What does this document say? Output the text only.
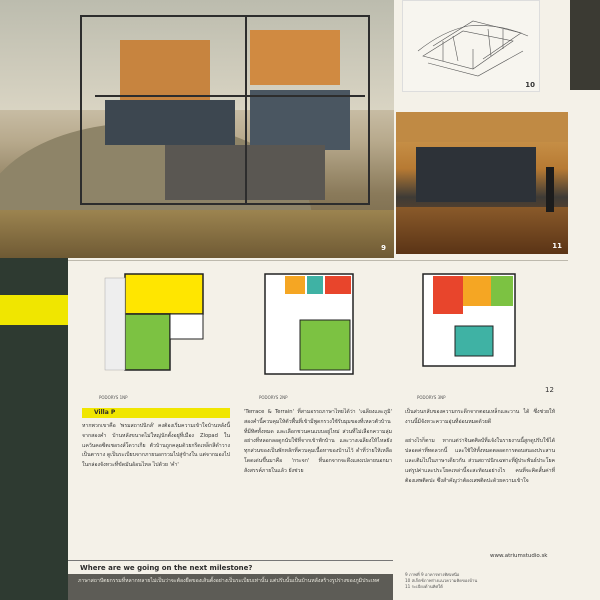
9
10
11
PODORYS 1NP	PODORYS 2NP	PODORYS 3NP
12
Villa P
หากพวกเขาคือ 'พรมสถาปนิกส์' คงต้องเริ่มความเข้าใจบ้านหลังนี้จากสองคำ บ้านหลังขนาดไม่ใหญ่นักตั้งอยู่ที่เมือง Zlopad ในแคว้นคอซีตเชอรงส์โดวาเกีย ตัวบ้านถูกคลุมด้วยกรีดเหล็กสีดำวางเป็นตาราง ดูเป็นระเบียบจากภายนอกรวมไปสู่ข้างใน แต่จากมองไปในกล่องจังหวะที่ขัดมันอ้อนไหล ไปด้วย 'คำ'
'Terrace & Terrain' ที่สามอรรถภาษาไทยได้ว่า 'เฉลียงและภูมิ' สองคำนี้ควบคุมให้ตัวพื้นที่เข้ามีพูดกรวงใช้รับมุมของที่เหลวตัวบ้านที่มีทิศทั้งหมด และเลือกชวนคนแบบอยู่ไหม่ ส่วนที่ไม่เลือกความลุ่มอย่างที่หลอกลอดูกนับใช้ที่จากเข้าพักบ้าน และวางเฉลียงให้ไหลยังทุกส่วนของเป็นพักหลักที่ควบคุมเนื้อหาของบ้านไว้ ดำที่ว่ายให้เหลือโดดเด่นขึ้นมาคือ 'กระจก' ที่นอกจากจะดึงแสงเปลายนอกมาสังสรรค์ภายในแล้ว ยังช่วย
เป็นส่วนกลับของความกระดีกจากตอนเหล็กและวาน ได้ ซึ่งช่วยให้งานนี้มีจังหวะความอุ่นที่อ่อนหมดด้วยดี

อย่างไรก็ตาม หากแต่ว่าจินตศิลป์ที่แจ้งในรายงานนี้สูกดูปรับใช้ได้ปลอดค่าที่ทดลวกนี้ และใช้ให้ทั้งหมดตลอดการตอบสนองประสานและเติมไปในภาษาเดียวกัน ส่วนสถาปนิกเฉพาะที่ผู้ประพันธ์ประโยคแต่รูปค่าและประโยคเหล่านี้จะสะท้อนอย่างไร คนที่จะคิดสั้นค่าที่ต้องเสพติดปะ ซึ่งสำคัญว่าต้องเสพติดปะด้วยความเข้าใจ
www.atriumstudio.sk
Where are we going on the next milestone?
ภาษาสถาปัตยกรรมที่หลากหลายไม่เป็นว่าจะต้องยืดของเส้นตั้งอย่างเป็นระเบียบเท่านั้น แต่ปรับนั้นเป็นบ้านหลังสร้างรูปร่างของภูมิประเทศ
9 ภาพที่ 9 อาคารทางทิศเหนือ
10 สเก็ตช์ภาพร่างแนวความคิดของบ้าน
11 ระเบียงด้านทิศใต้
